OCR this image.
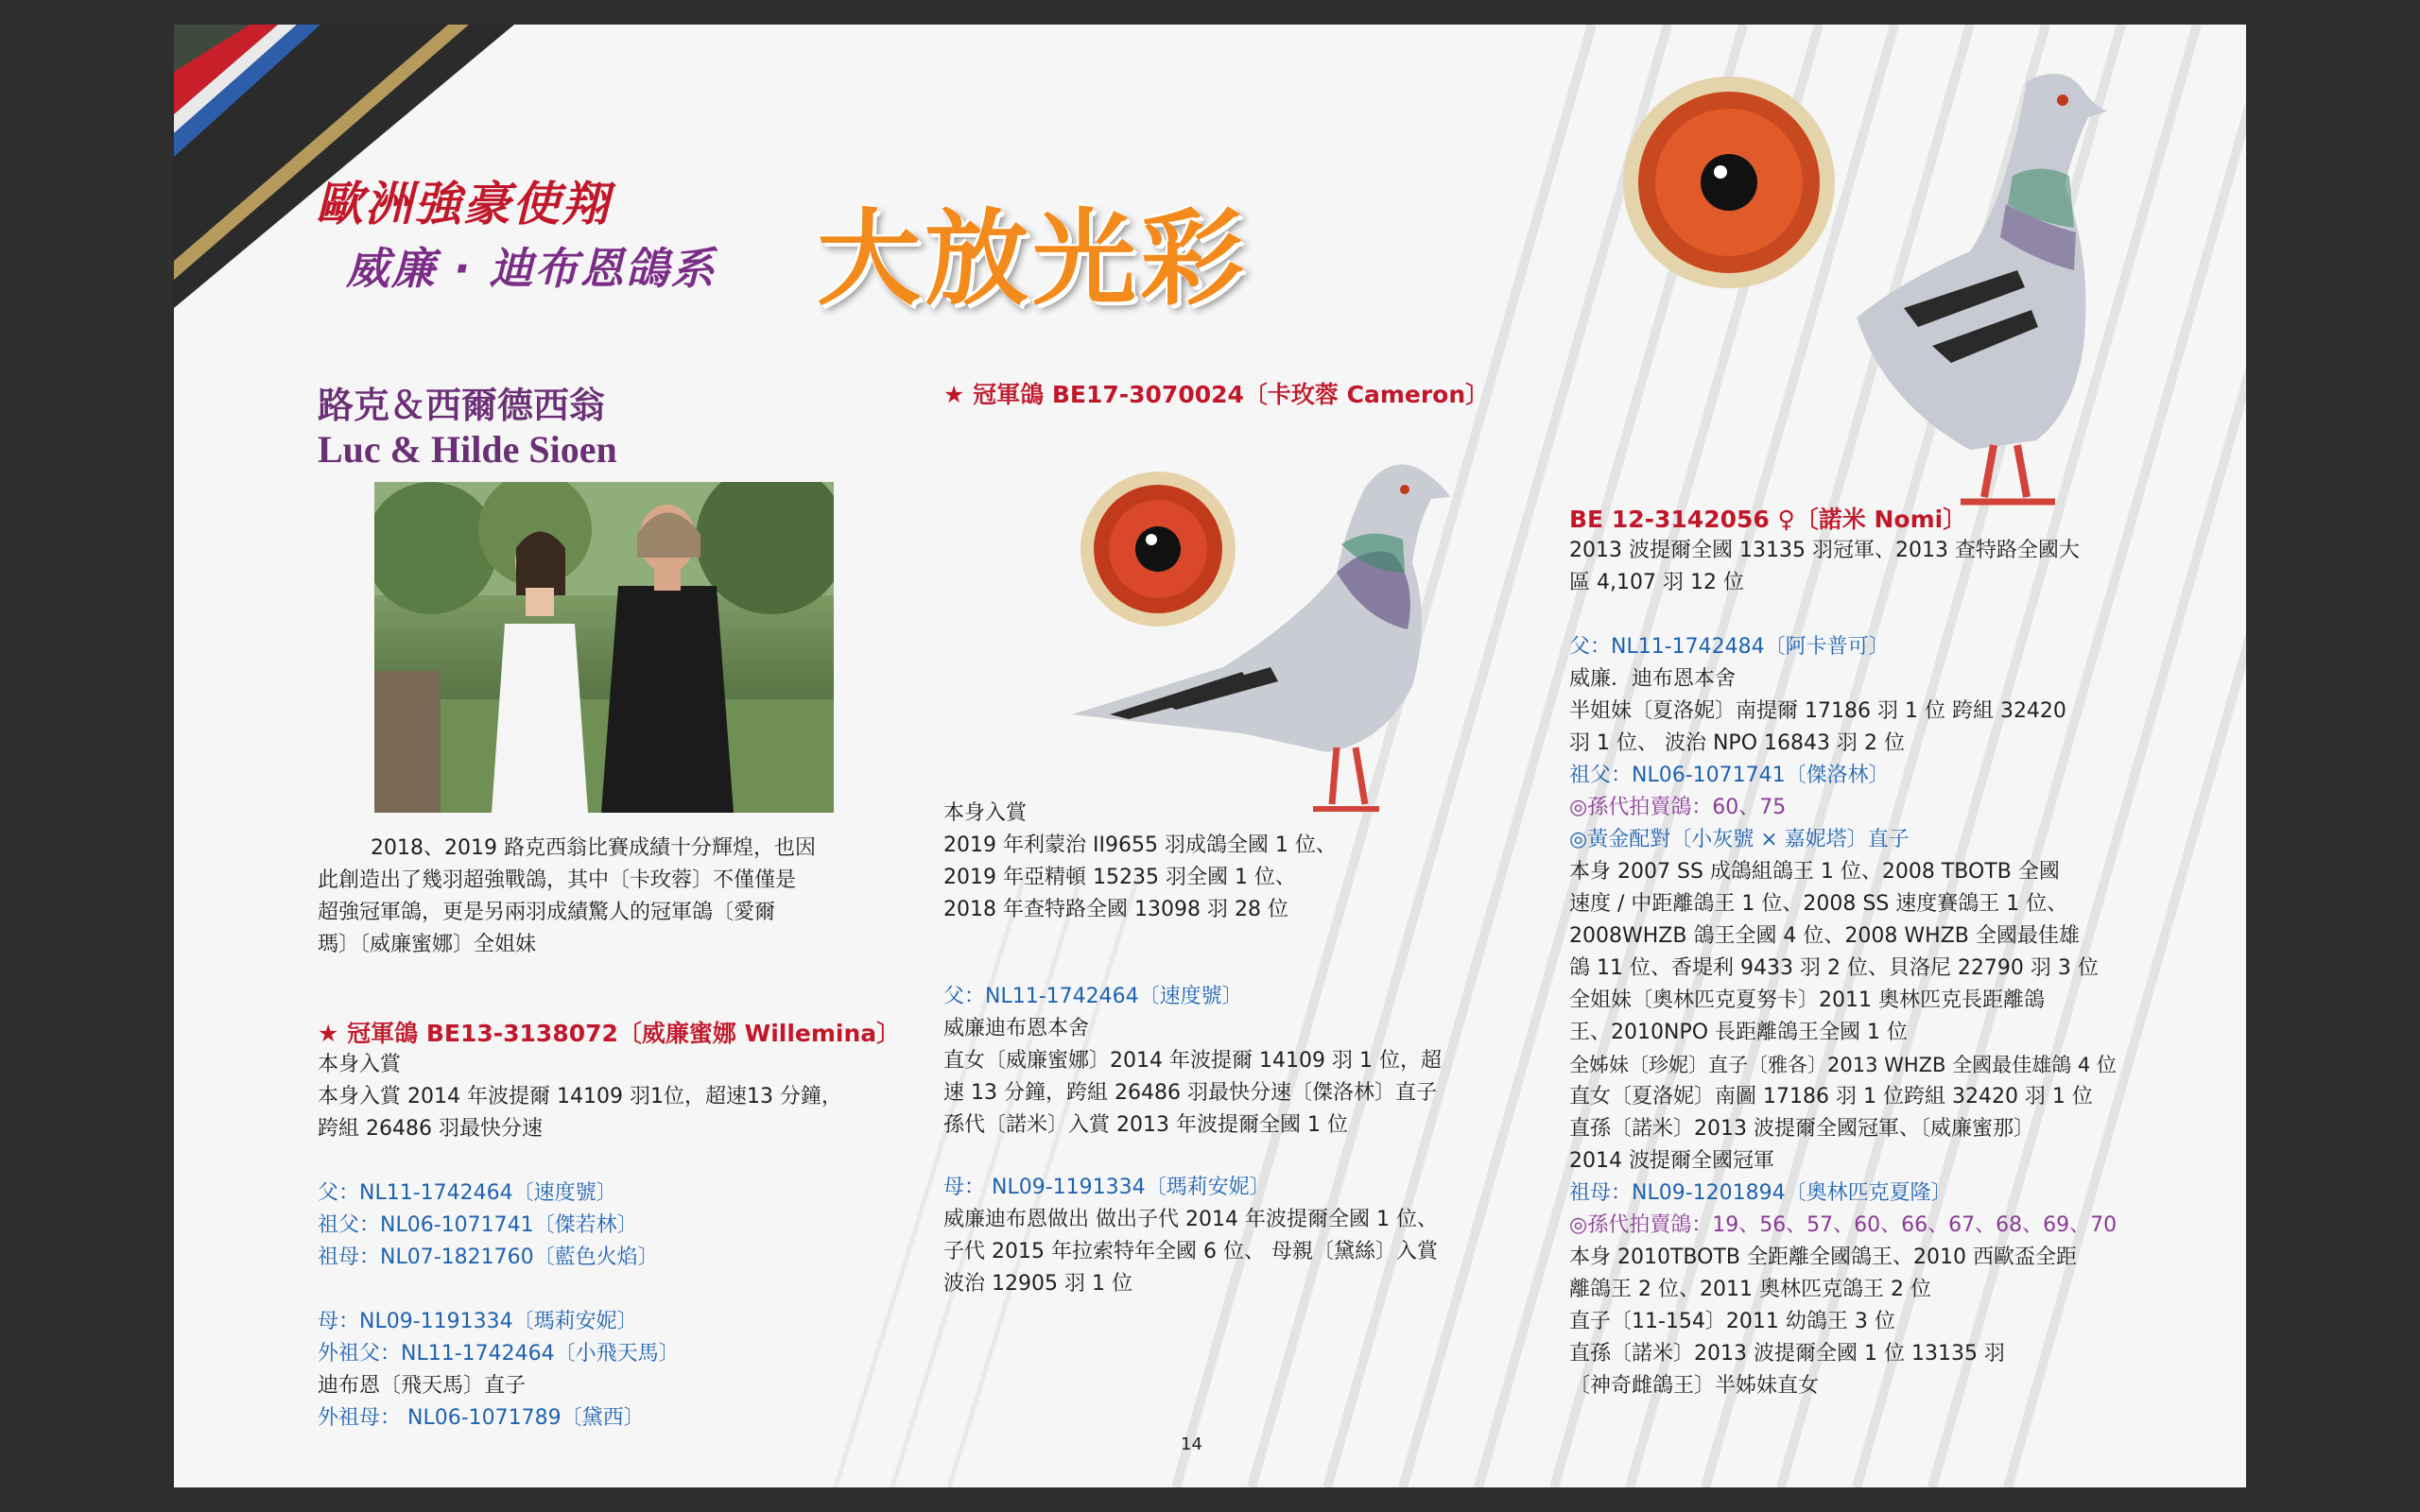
歐洲強豪使翔
威廉 · 迪布恩鴿系 大放光彩
路克＆西爾德西翁
Luc & Hilde Sioen
2018、2019 路克西翁比賽成績十分輝煌，也因
此創造出了幾羽超強戰鴿，其中〔卡玫蓉〕不僅僅是
超強冠軍鴿，更是另兩羽成績驚人的冠軍鴿〔愛爾
瑪〕〔威廉蜜娜〕全姐妹
★ 冠軍鴿 BE13-3138072〔威廉蜜娜 Willemina〕
本身入賞
本身入賞 2014 年波提爾 14109 羽1位，超速13 分鐘，
跨組 26486 羽最快分速
父：NL11-1742464〔速度號〕
祖父：NL06-1071741〔傑若林〕
祖母：NL07-1821760〔藍色火焰〕
母：NL09-1191334〔瑪莉安妮〕
外祖父：NL11-1742464〔小飛天馬〕
迪布恩〔飛天馬〕直子
外祖母： NL06-1071789〔黛西〕
★ 冠軍鴿 BE17-3070024〔卡玫蓉 Cameron〕
本身入賞
2019 年利蒙治 II9655 羽成鴿全國 1 位、
2019 年亞精頓 15235 羽全國 1 位、
2018 年查特路全國 13098 羽 28 位
父：NL11-1742464〔速度號〕
威廉迪布恩本舍
直女〔威廉蜜娜〕2014 年波提爾 14109 羽 1 位，超
速 13 分鐘，跨組 26486 羽最快分速〔傑洛林〕直子
孫代〔諾米〕入賞 2013 年波提爾全國 1 位
母： NL09-1191334〔瑪莉安妮〕
威廉迪布恩做出 做出子代 2014 年波提爾全國 1 位、
子代 2015 年拉索特年全國 6 位、 母親〔黛絲〕入賞
波治 12905 羽 1 位
BE 12-3142056 ♀〔諾米 Nomi〕
2013 波提爾全國 13135 羽冠軍、2013 查特路全國大
區 4,107 羽 12 位
父：NL11-1742484〔阿卡普可〕
威廉．迪布恩本舍
半姐妹〔夏洛妮〕南提爾 17186 羽 1 位 跨組 32420
羽 1 位、 波治 NPO 16843 羽 2 位
祖父：NL06-1071741〔傑洛林〕
◎孫代拍賣鴿：60、75
◎黃金配對〔小灰號 × 嘉妮塔〕直子
本身 2007 SS 成鴿組鴿王 1 位、2008 TBOTB 全國
速度 / 中距離鴿王 1 位、2008 SS 速度賽鴿王 1 位、
2008WHZB 鴿王全國 4 位、2008 WHZB 全國最佳雄
鴿 11 位、香堤利 9433 羽 2 位、貝洛尼 22790 羽 3 位
全姐妹〔奧林匹克夏努卡〕2011 奧林匹克長距離鴿
王、2010NPO 長距離鴿王全國 1 位
全姊妹〔珍妮〕直子〔雅各〕2013 WHZB 全國最佳雄鴿 4 位
直女〔夏洛妮〕南圖 17186 羽 1 位跨組 32420 羽 1 位
直孫〔諾米〕2013 波提爾全國冠軍、〔威廉蜜那〕
2014 波提爾全國冠軍
祖母：NL09-1201894〔奧林匹克夏隆〕
◎孫代拍賣鴿：19、56、57、60、66、67、68、69、70
本身 2010TBOTB 全距離全國鴿王、2010 西歐盃全距
離鴿王 2 位、2011 奧林匹克鴿王 2 位
直子〔11-154〕2011 幼鴿王 3 位
直孫〔諾米〕2013 波提爾全國 1 位 13135 羽
〔神奇雌鴿王〕半姊妹直女
14
